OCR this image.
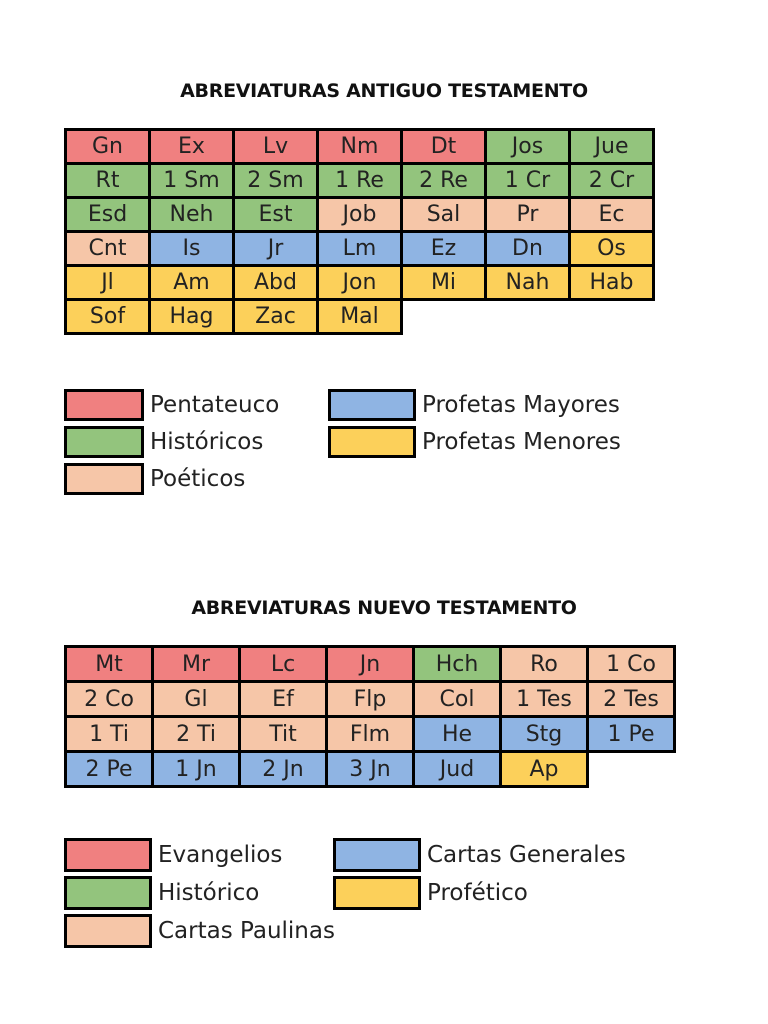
ABREVIATURAS ANTIGUO TESTAMENTO
Gn	Ex	Lv	Nm	Dt	Jos	Jue
Rt	1 Sm	2 Sm	1 Re	2 Re	1 Cr	2 Cr
Esd	Neh	Est	Job	Sal	Pr	Ec
Cnt	Is	Jr	Lm	Ez	Dn	Os
Jl	Am	Abd	Jon	Mi	Nah	Hab
Sof	Hag	Zac	Mal			
Pentateuco
Históricos
Poéticos
Profetas Mayores
Profetas Menores
ABREVIATURAS NUEVO TESTAMENTO
Mt	Mr	Lc	Jn	Hch	Ro	1 Co
2 Co	Gl	Ef	Flp	Col	1 Tes	2 Tes
1 Ti	2 Ti	Tit	Flm	He	Stg	1 Pe
2 Pe	1 Jn	2 Jn	3 Jn	Jud	Ap	
Evangelios
Histórico
Cartas Paulinas
Cartas Generales
Profético
